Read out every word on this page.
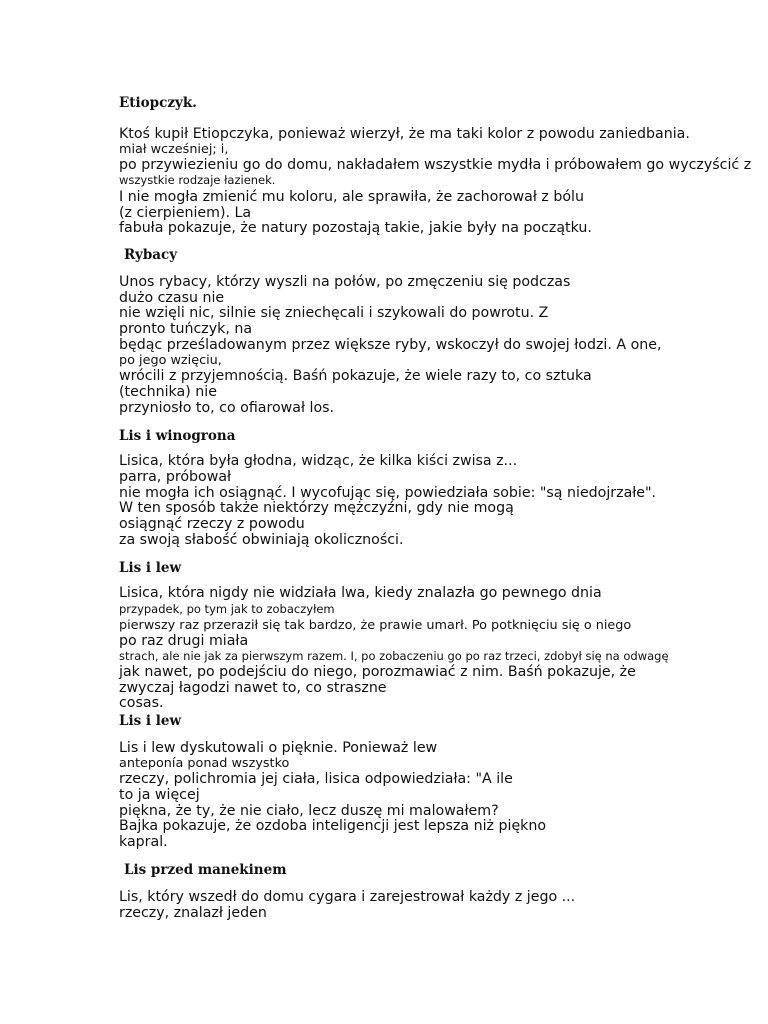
Etiopczyk.
Ktoś kupił Etiopczyka, ponieważ wierzył, że ma taki kolor z powodu zaniedbania.
miał wcześniej; i,
po przywiezieniu go do domu, nakładałem wszystkie mydła i próbowałem go wyczyścić z
wszystkie rodzaje łazienek.
I nie mogła zmienić mu koloru, ale sprawiła, że zachorował z bólu
(z cierpieniem). La
fabuła pokazuje, że natury pozostają takie, jakie były na początku.
Rybacy
Unos rybacy, którzy wyszli na połów, po zmęczeniu się podczas
dużo czasu nie
nie wzięli nic, silnie się zniechęcali i szykowali do powrotu. Z
pronto tuńczyk, na
będąc prześladowanym przez większe ryby, wskoczył do swojej łodzi. A one,
po jego wzięciu,
wrócili z przyjemnością. Baśń pokazuje, że wiele razy to, co sztuka
(technika) nie
przyniosło to, co ofiarował los.
Lis i winogrona
Lisica, która była głodna, widząc, że kilka kiści zwisa z...
parra, próbował
nie mogła ich osiągnąć. I wycofując się, powiedziała sobie: "są niedojrzałe".
W ten sposób także niektórzy mężczyźni, gdy nie mogą
osiągnąć rzeczy z powodu
za swoją słabość obwiniają okoliczności.
Lis i lew
Lisica, która nigdy nie widziała lwa, kiedy znalazła go pewnego dnia
przypadek, po tym jak to zobaczyłem
pierwszy raz przeraził się tak bardzo, że prawie umarł. Po potknięciu się o niego
po raz drugi miała
strach, ale nie jak za pierwszym razem. I, po zobaczeniu go po raz trzeci, zdobył się na odwagę
jak nawet, po podejściu do niego, porozmawiać z nim. Baśń pokazuje, że
zwyczaj łagodzi nawet to, co straszne
cosas.
Lis i lew
Lis i lew dyskutowali o pięknie. Ponieważ lew
anteponía ponad wszystko
rzeczy, polichromia jej ciała, lisica odpowiedziała: "A ile
to ja więcej
piękna, że ty, że nie ciało, lecz duszę mi malowałem?
Bajka pokazuje, że ozdoba inteligencji jest lepsza niż piękno
kapral.
Lis przed manekinem
Lis, który wszedł do domu cygara i zarejestrował każdy z jego ...
rzeczy, znalazł jeden
